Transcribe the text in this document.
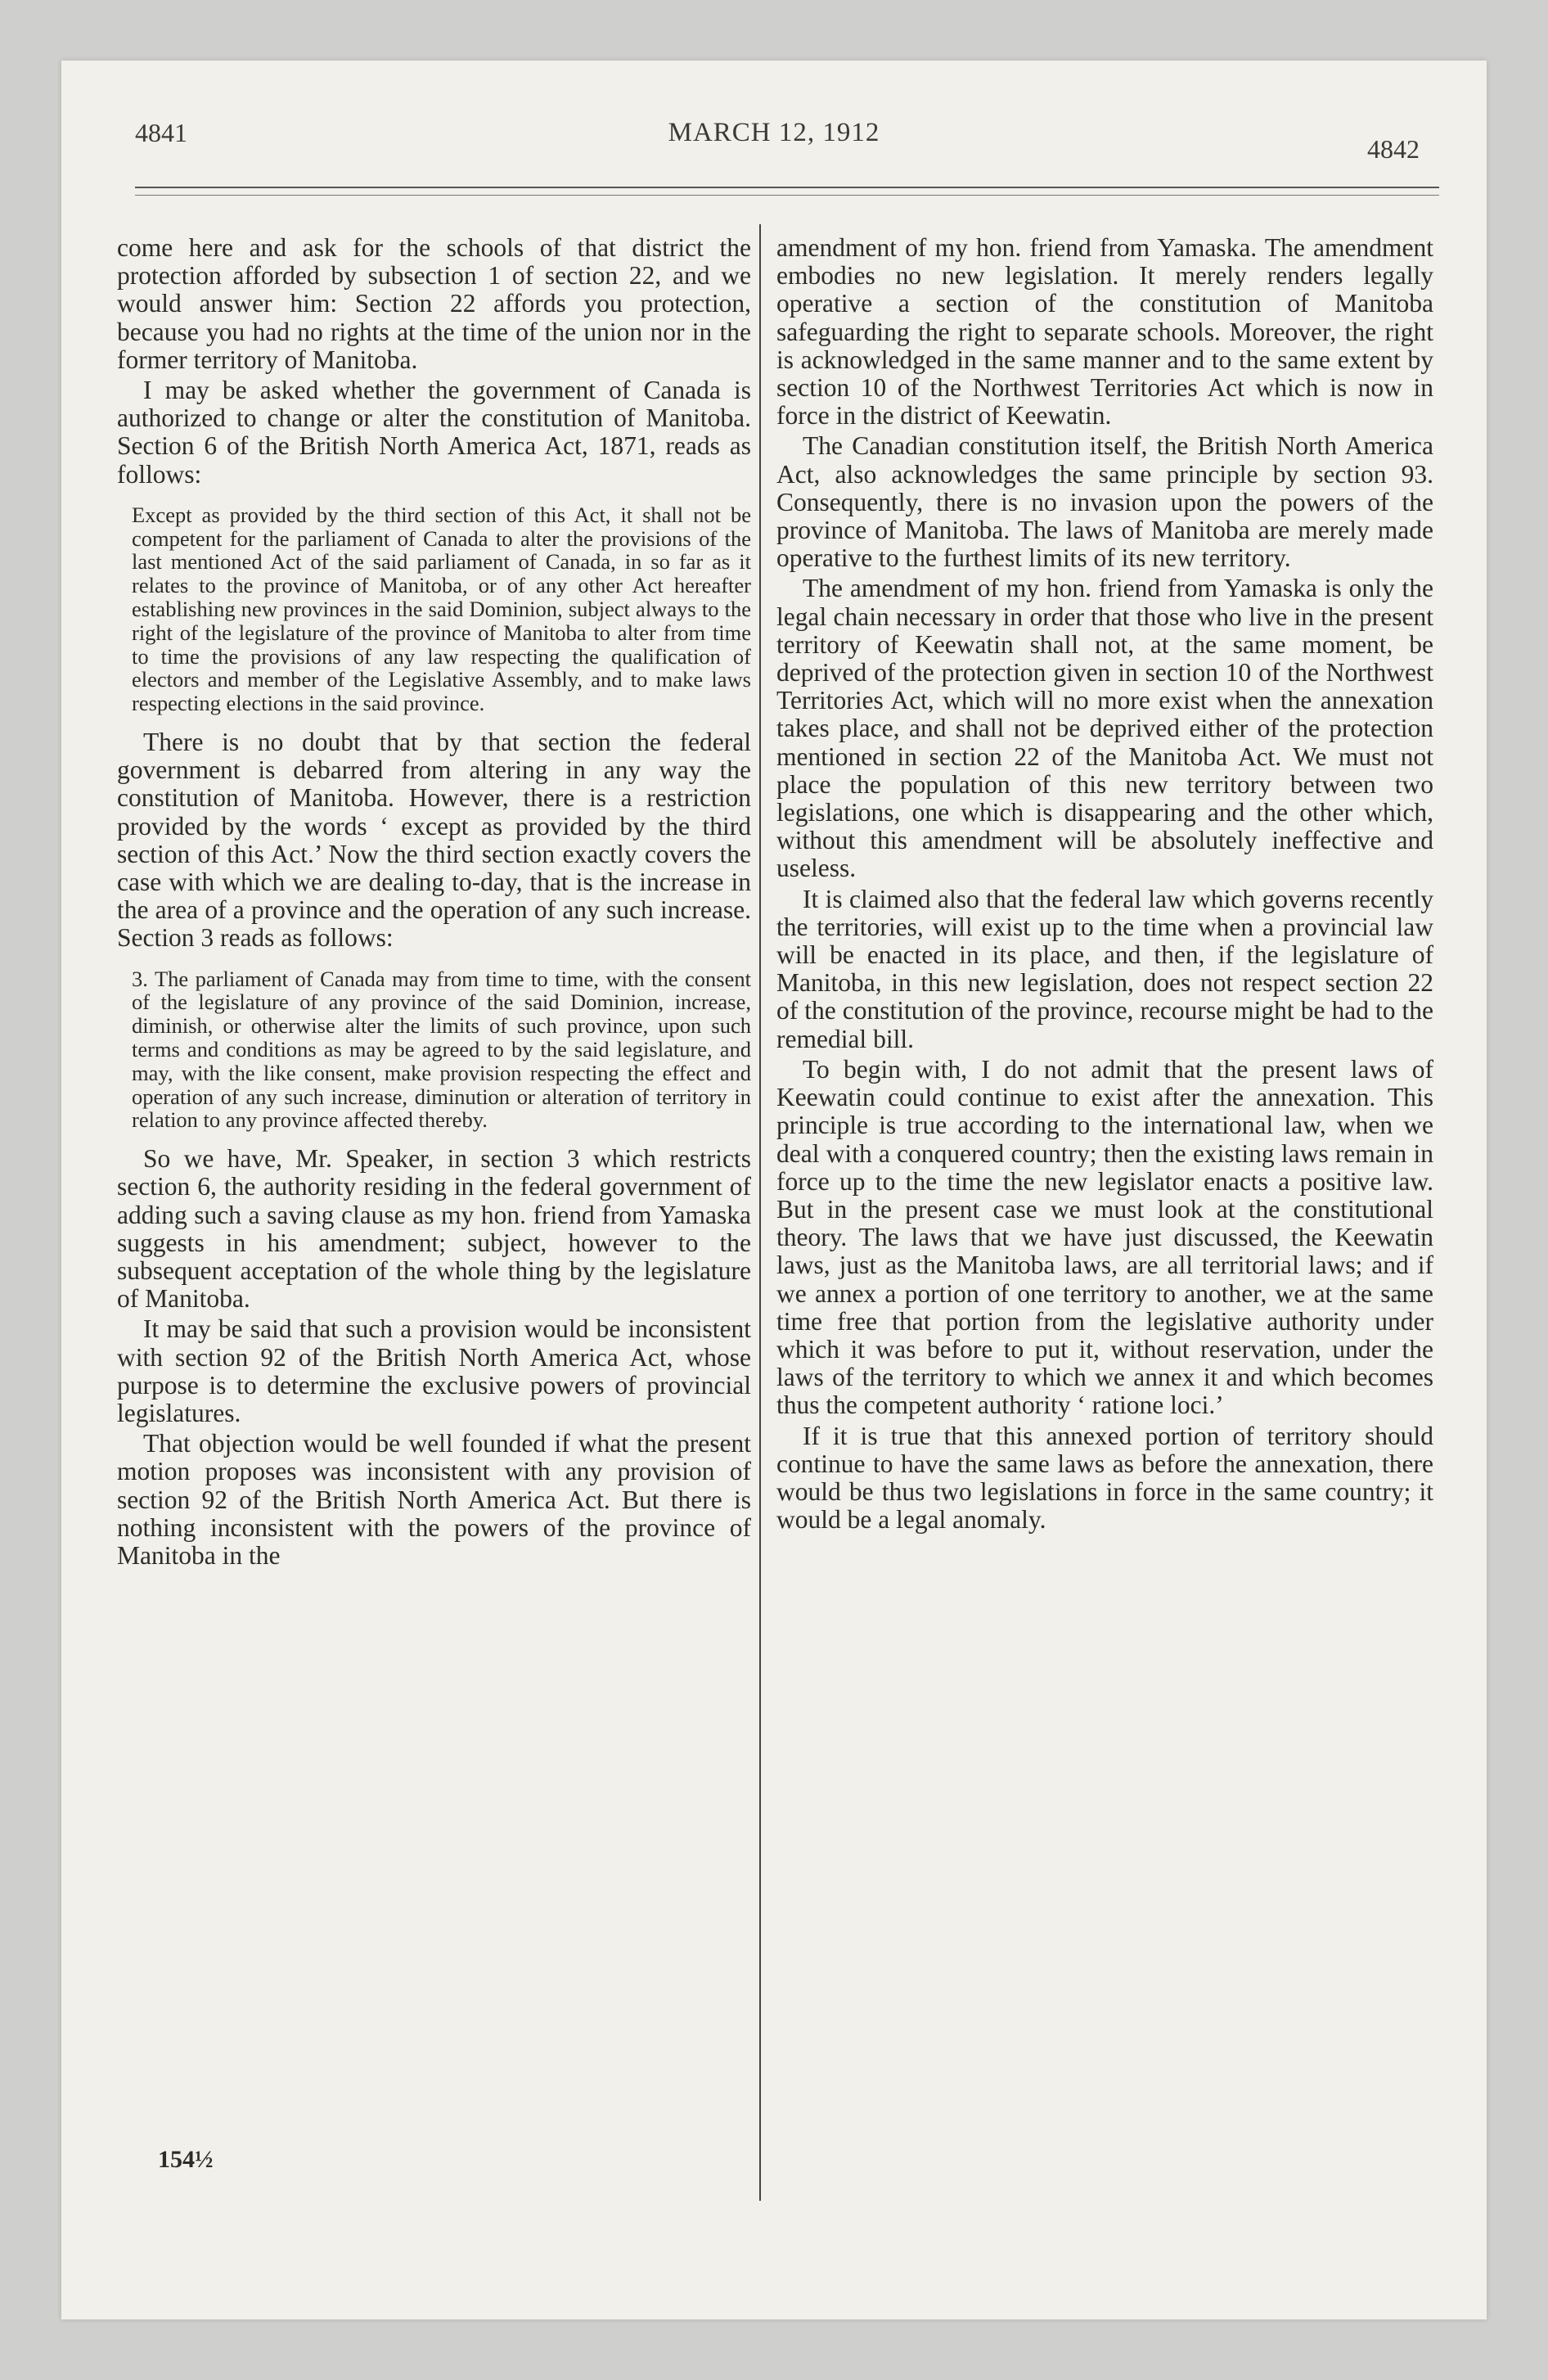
4841	MARCH 12, 1912
4842

come here and ask for the schools of that district the protection afforded by subsection 1 of section 22, and we would answer him: Section 22 affords you protection, because you had no rights at the time of the union nor in the former territory of Manitoba.

I may be asked whether the government of Canada is authorized to change or alter the constitution of Manitoba. Section 6 of the British North America Act, 1871, reads as follows:

Except as provided by the third section of this Act, it shall not be competent for the parliament of Canada to alter the provisions of the last mentioned Act of the said parliament of Canada, in so far as it relates to the province of Manitoba, or of any other Act hereafter establishing new provinces in the said Dominion, subject always to the right of the legislature of the province of Manitoba to alter from time to time the provisions of any law respecting the qualification of electors and member of the Legislative Assembly, and to make laws respecting elections in the said province.

There is no doubt that by that section the federal government is debarred from altering in any way the constitution of Manitoba. However, there is a restriction provided by the words ‘ except as provided by the third section of this Act.’ Now the third section exactly covers the case with which we are dealing to-day, that is the increase in the area of a province and the operation of any such increase. Section 3 reads as follows:

3. The parliament of Canada may from time to time, with the consent of the legislature of any province of the said Dominion, increase, diminish, or otherwise alter the limits of such province, upon such terms and conditions as may be agreed to by the said legislature, and may, with the like consent, make provision respecting the effect and operation of any such increase, diminution or alteration of territory in relation to any province affected thereby.

So we have, Mr. Speaker, in section 3 which restricts section 6, the authority residing in the federal government of adding such a saving clause as my hon. friend from Yamaska suggests in his amendment; subject, however to the subsequent acceptation of the whole thing by the legislature of Manitoba.

It may be said that such a provision would be inconsistent with section 92 of the British North America Act, whose purpose is to determine the exclusive powers of provincial legislatures.

That objection would be well founded if what the present motion proposes was inconsistent with any provision of section 92 of the British North America Act. But there is nothing inconsistent with the powers of the province of Manitoba in the

amendment of my hon. friend from Yamaska. The amendment embodies no new legislation. It merely renders legally operative a section of the constitution of Manitoba safeguarding the right to separate schools. Moreover, the right is acknowledged in the same manner and to the same extent by section 10 of the Northwest Territories Act which is now in force in the district of Keewatin.

The Canadian constitution itself, the British North America Act, also acknowledges the same principle by section 93. Consequently, there is no invasion upon the powers of the province of Manitoba. The laws of Manitoba are merely made operative to the furthest limits of its new territory.

The amendment of my hon. friend from Yamaska is only the legal chain necessary in order that those who live in the present territory of Keewatin shall not, at the same moment, be deprived of the protection given in section 10 of the Northwest Territories Act, which will no more exist when the annexation takes place, and shall not be deprived either of the protection mentioned in section 22 of the Manitoba Act. We must not place the population of this new territory between two legislations, one which is disappearing and the other which, without this amendment will be absolutely ineffective and useless.

It is claimed also that the federal law which governs recently the territories, will exist up to the time when a provincial law will be enacted in its place, and then, if the legislature of Manitoba, in this new legislation, does not respect section 22 of the constitution of the province, recourse might be had to the remedial bill.

To begin with, I do not admit that the present laws of Keewatin could continue to exist after the annexation. This principle is true according to the international law, when we deal with a conquered country; then the existing laws remain in force up to the time the new legislator enacts a positive law. But in the present case we must look at the constitutional theory. The laws that we have just discussed, the Keewatin laws, just as the Manitoba laws, are all territorial laws; and if we annex a portion of one territory to another, we at the same time free that portion from the legislative authority under which it was before to put it, without reservation, under the laws of the territory to which we annex it and which becomes thus the competent authority ‘ ratione loci.’

If it is true that this annexed portion of territory should continue to have the same laws as before the annexation, there would be thus two legislations in force in the same country; it would be a legal anomaly.

154½
